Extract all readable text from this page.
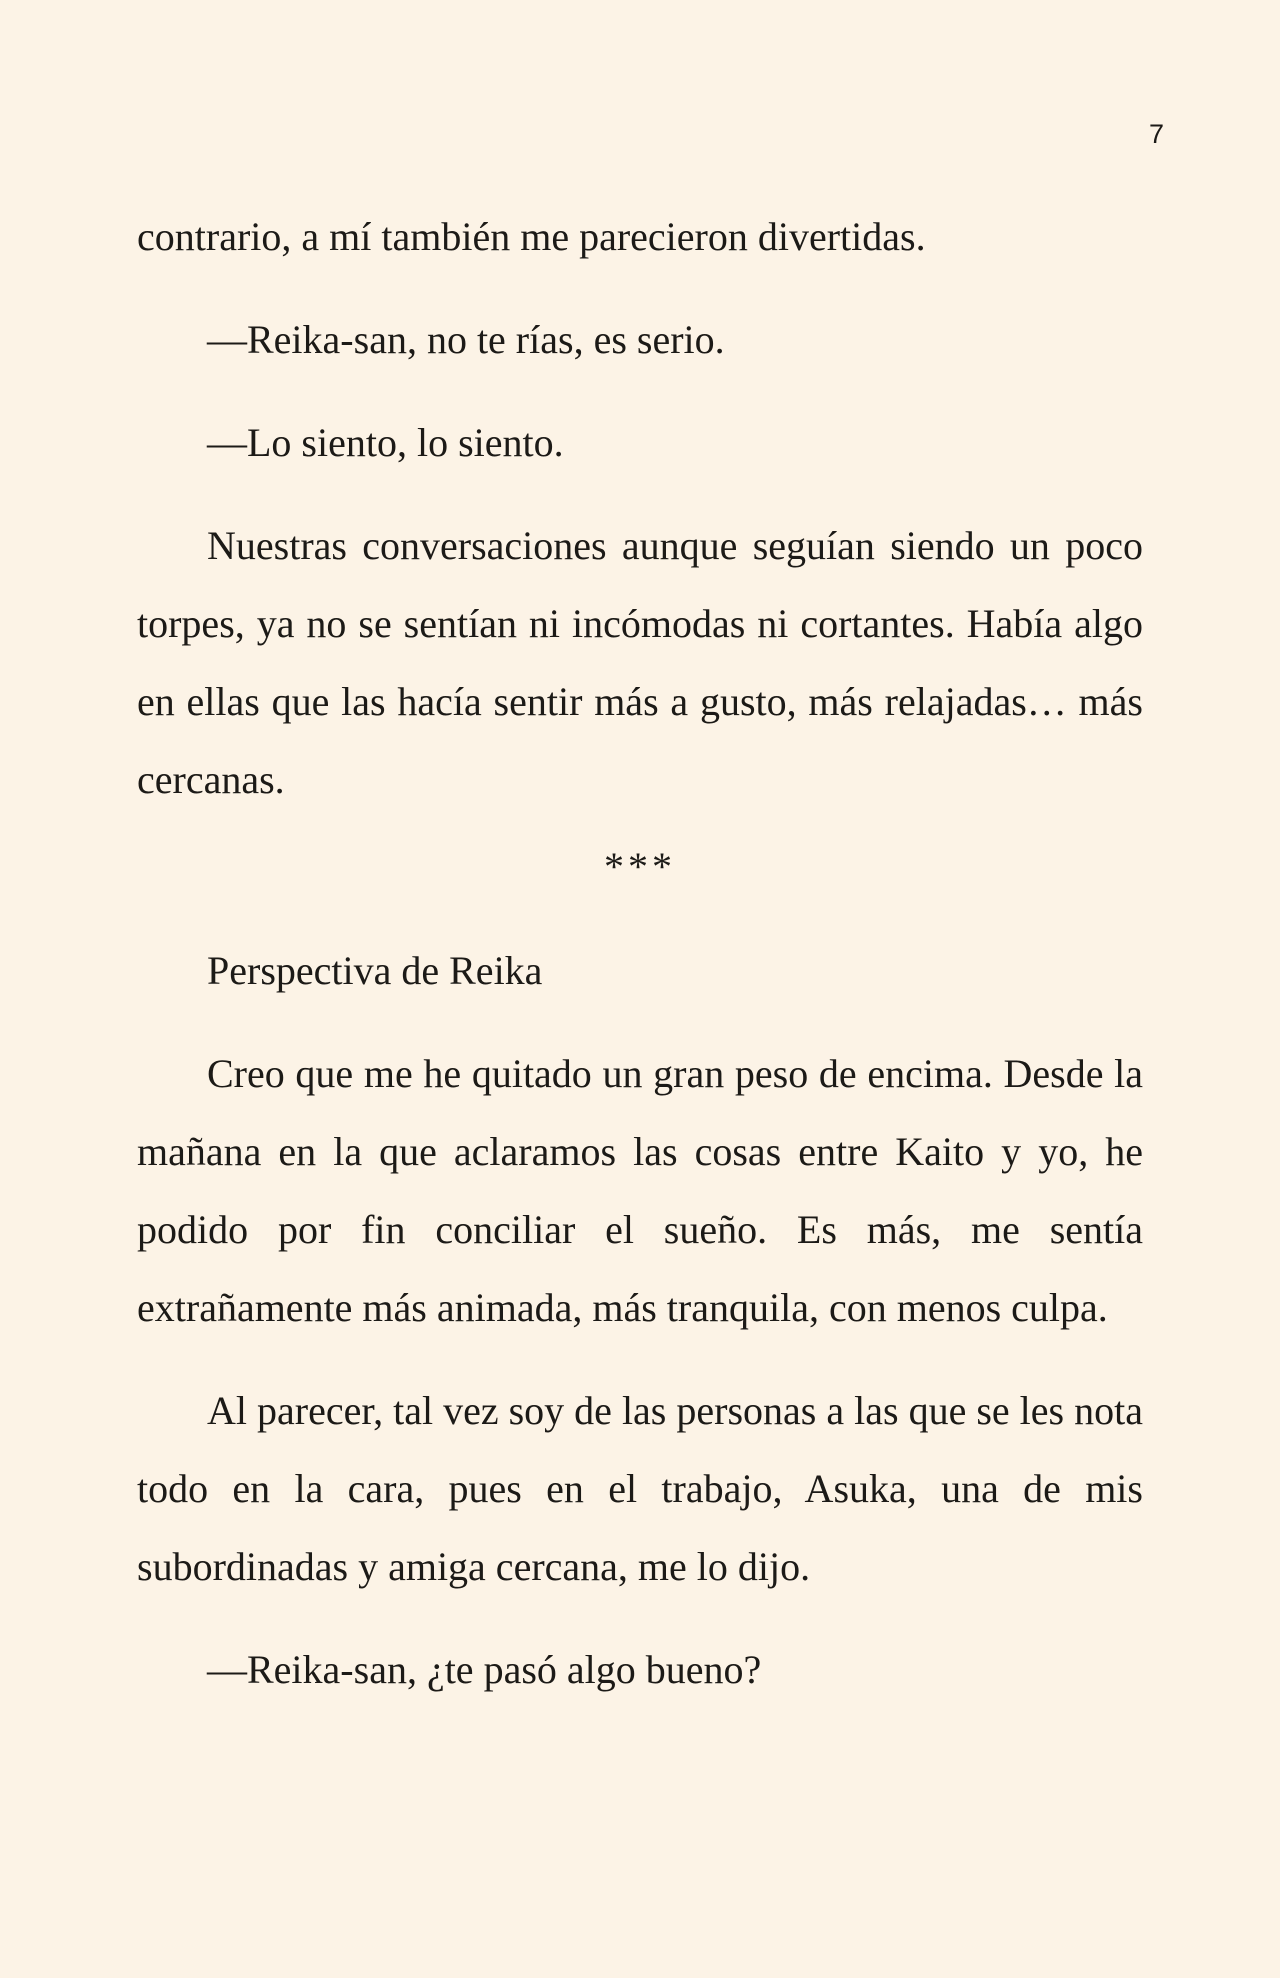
7

contrario, a mí también me parecieron divertidas.

—Reika-san, no te rías, es serio.

—Lo siento, lo siento.

Nuestras conversaciones aunque seguían siendo un poco torpes, ya no se sentían ni incómodas ni cortantes. Había algo en ellas que las hacía sentir más a gusto, más relajadas… más cercanas.

***

Perspectiva de Reika

Creo que me he quitado un gran peso de encima. Desde la mañana en la que aclaramos las cosas entre Kaito y yo, he podido por fin conciliar el sueño. Es más, me sentía extrañamente más animada, más tranquila, con menos culpa.

Al parecer, tal vez soy de las personas a las que se les nota todo en la cara, pues en el trabajo, Asuka, una de mis subordinadas y amiga cercana, me lo dijo.

—Reika-san, ¿te pasó algo bueno?
